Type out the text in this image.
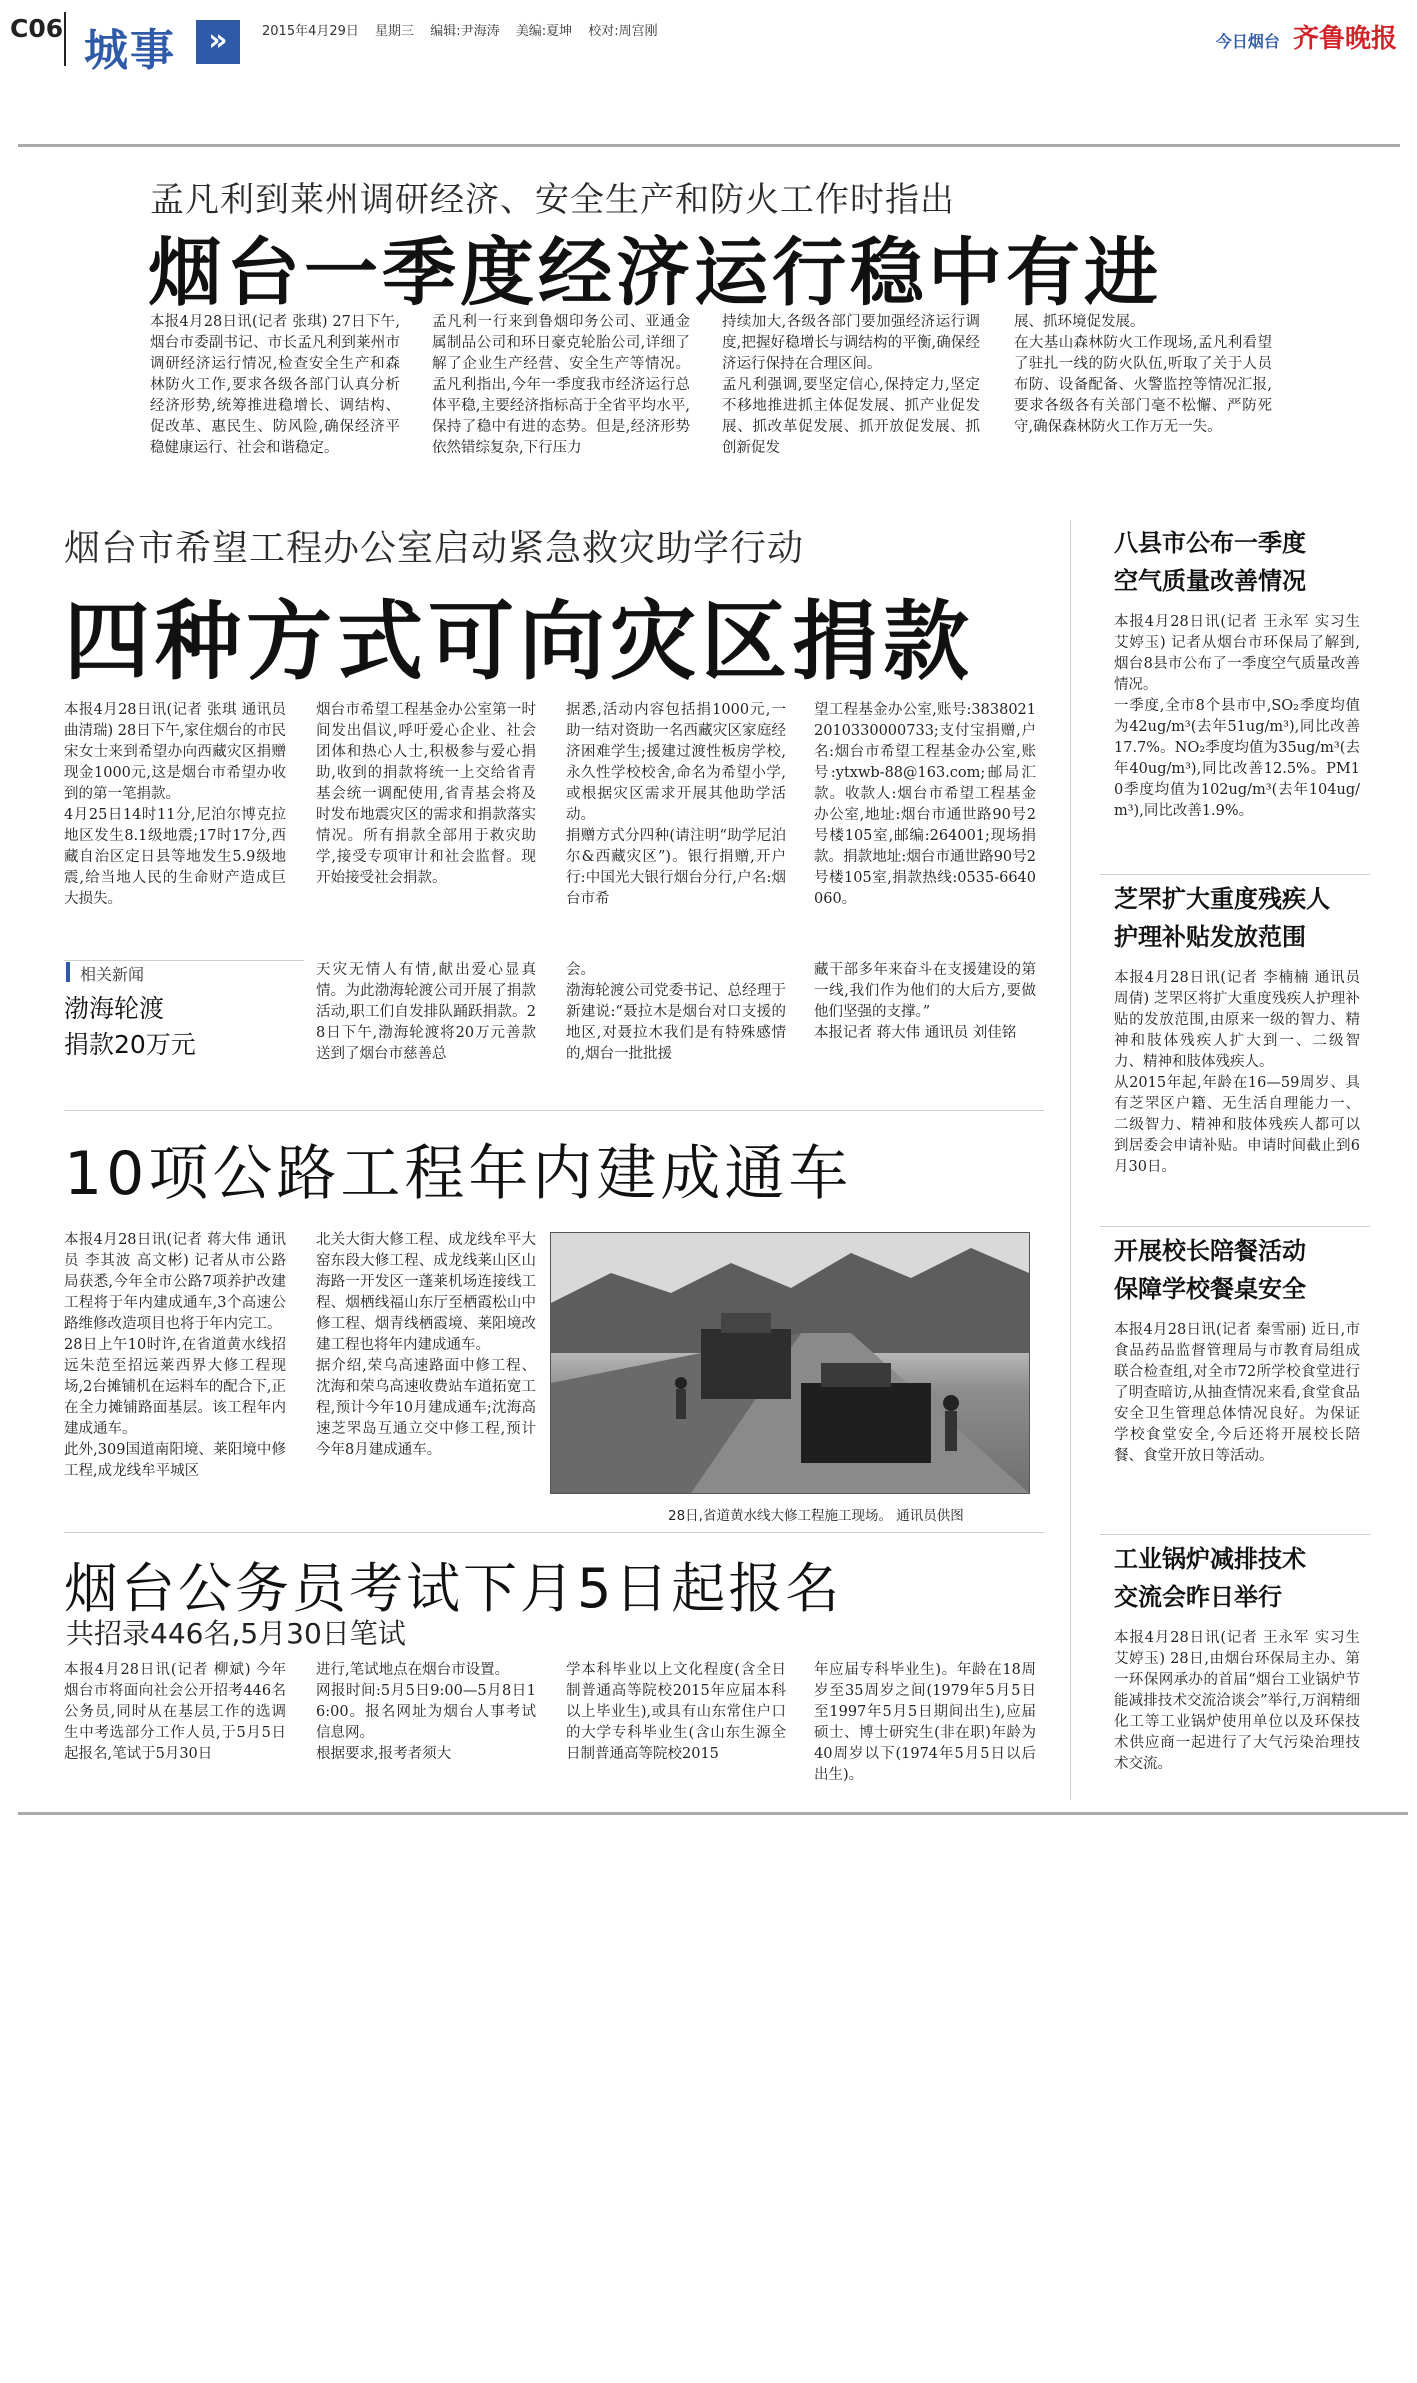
C06 城事	»	2015年4月29日 星期三 编辑:尹海涛 美编:夏坤 校对:周宫刚
今日烟台 齐鲁晚报
孟凡利到莱州调研经济、安全生产和防火工作时指出
烟台一季度经济运行稳中有进
本报4月28日讯(记者 张琪) 27日下午,烟台市委副书记、市长孟凡利到莱州市调研经济运行情况,检查安全生产和森林防火工作,要求各级各部门认真分析经济形势,统筹推进稳增长、调结构、促改革、惠民生、防风险,确保经济平稳健康运行、社会和谐稳定。
孟凡利一行来到鲁烟印务公司、亚通金属制品公司和环日豪克轮胎公司,详细了解了企业生产经营、安全生产等情况。孟凡利指出,今年一季度我市经济运行总体平稳,主要经济指标高于全省平均水平,保持了稳中有进的态势。但是,经济形势依然错综复杂,下行压力
持续加大,各级各部门要加强经济运行调度,把握好稳增长与调结构的平衡,确保经济运行保持在合理区间。
孟凡利强调,要坚定信心,保持定力,坚定不移地推进抓主体促发展、抓产业促发展、抓改革促发展、抓开放促发展、抓创新促发
展、抓环境促发展。
在大基山森林防火工作现场,孟凡利看望了驻扎一线的防火队伍,听取了关于人员布防、设备配备、火警监控等情况汇报,要求各级各有关部门毫不松懈、严防死守,确保森林防火工作万无一失。
烟台市希望工程办公室启动紧急救灾助学行动
四种方式可向灾区捐款
本报4月28日讯(记者 张琪 通讯员 曲清瑞) 28日下午,家住烟台的市民宋女士来到希望办向西藏灾区捐赠现金1000元,这是烟台市希望办收到的第一笔捐款。
4月25日14时11分,尼泊尔博克拉地区发生8.1级地震;17时17分,西藏自治区定日县等地发生5.9级地震,给当地人民的生命财产造成巨大损失。
烟台市希望工程基金办公室第一时间发出倡议,呼吁爱心企业、社会团体和热心人士,积极参与爱心捐助,收到的捐款将统一上交给省青基会统一调配使用,省青基会将及时发布地震灾区的需求和捐款落实情况。所有捐款全部用于救灾助学,接受专项审计和社会监督。现开始接受社会捐款。
据悉,活动内容包括捐1000元,一助一结对资助一名西藏灾区家庭经济困难学生;援建过渡性板房学校,永久性学校校舍,命名为希望小学,或根据灾区需求开展其他助学活动。
捐赠方式分四种(请注明“助学尼泊尔&西藏灾区”)。银行捐赠,开户行:中国光大银行烟台分行,户名:烟台市希
望工程基金办公室,账号:38380212010330000733;支付宝捐赠,户名:烟台市希望工程基金办公室,账号:ytxwb-88@163.com;邮局汇款。收款人:烟台市希望工程基金办公室,地址:烟台市通世路90号2号楼105室,邮编:264001;现场捐款。捐款地址:烟台市通世路90号2号楼105室,捐款热线:0535-6640060。
相关新闻
渤海轮渡
捐款20万元
天灾无情人有情,献出爱心显真情。为此渤海轮渡公司开展了捐款活动,职工们自发排队踊跃捐款。28日下午,渤海轮渡将20万元善款送到了烟台市慈善总
会。
渤海轮渡公司党委书记、总经理于新建说:“聂拉木是烟台对口支援的地区,对聂拉木我们是有特殊感情的,烟台一批批援
藏干部多年来奋斗在支援建设的第一线,我们作为他们的大后方,要做他们坚强的支撑。”
本报记者 蒋大伟 通讯员 刘佳铭
10项公路工程年内建成通车
本报4月28日讯(记者 蒋大伟 通讯员 李其波 高文彬) 记者从市公路局获悉,今年全市公路7项养护改建工程将于年内建成通车,3个高速公路维修改造项目也将于年内完工。
28日上午10时许,在省道黄水线招远朱范至招远莱西界大修工程现场,2台摊铺机在运料车的配合下,正在全力摊铺路面基层。该工程年内建成通车。
此外,309国道南阳境、莱阳境中修工程,成龙线牟平城区
北关大街大修工程、成龙线牟平大窑东段大修工程、成龙线莱山区山海路一开发区一蓬莱机场连接线工程、烟栖线福山东厅至栖霞松山中修工程、烟青线栖霞境、莱阳境改建工程也将年内建成通车。
据介绍,荣乌高速路面中修工程、沈海和荣乌高速收费站车道拓宽工程,预计今年10月建成通车;沈海高速芝罘岛互通立交中修工程,预计今年8月建成通车。
28日,省道黄水线大修工程施工现场。 通讯员供图
烟台公务员考试下月5日起报名
共招录446名,5月30日笔试
本报4月28日讯(记者 柳斌) 今年烟台市将面向社会公开招考446名公务员,同时从在基层工作的选调生中考选部分工作人员,于5月5日起报名,笔试于5月30日
进行,笔试地点在烟台市设置。
网报时间:5月5日9:00—5月8日16:00。报名网址为烟台人事考试信息网。
根据要求,报考者须大
学本科毕业以上文化程度(含全日制普通高等院校2015年应届本科以上毕业生),或具有山东常住户口的大学专科毕业生(含山东生源全日制普通高等院校2015
年应届专科毕业生)。年龄在18周岁至35周岁之间(1979年5月5日至1997年5月5日期间出生),应届硕士、博士研究生(非在职)年龄为40周岁以下(1974年5月5日以后出生)。
八县市公布一季度
空气质量改善情况
本报4月28日讯(记者 王永军 实习生 艾婷玉) 记者从烟台市环保局了解到,烟台8县市公布了一季度空气质量改善情况。
一季度,全市8个县市中,SO₂季度均值为42ug/m³(去年51ug/m³),同比改善17.7%。NO₂季度均值为35ug/m³(去年40ug/m³),同比改善12.5%。PM10季度均值为102ug/m³(去年104ug/m³),同比改善1.9%。
芝罘扩大重度残疾人
护理补贴发放范围
本报4月28日讯(记者 李楠楠 通讯员 周倩) 芝罘区将扩大重度残疾人护理补贴的发放范围,由原来一级的智力、精神和肢体残疾人扩大到一、二级智力、精神和肢体残疾人。
从2015年起,年龄在16—59周岁、具有芝罘区户籍、无生活自理能力一、二级智力、精神和肢体残疾人都可以到居委会申请补贴。申请时间截止到6月30日。
开展校长陪餐活动
保障学校餐桌安全
本报4月28日讯(记者 秦雪丽) 近日,市食品药品监督管理局与市教育局组成联合检查组,对全市72所学校食堂进行了明查暗访,从抽查情况来看,食堂食品安全卫生管理总体情况良好。为保证学校食堂安全,今后还将开展校长陪餐、食堂开放日等活动。
工业锅炉减排技术
交流会昨日举行
本报4月28日讯(记者 王永军 实习生 艾婷玉) 28日,由烟台环保局主办、第一环保网承办的首届“烟台工业锅炉节能减排技术交流洽谈会”举行,万润精细化工等工业锅炉使用单位以及环保技术供应商一起进行了大气污染治理技术交流。
